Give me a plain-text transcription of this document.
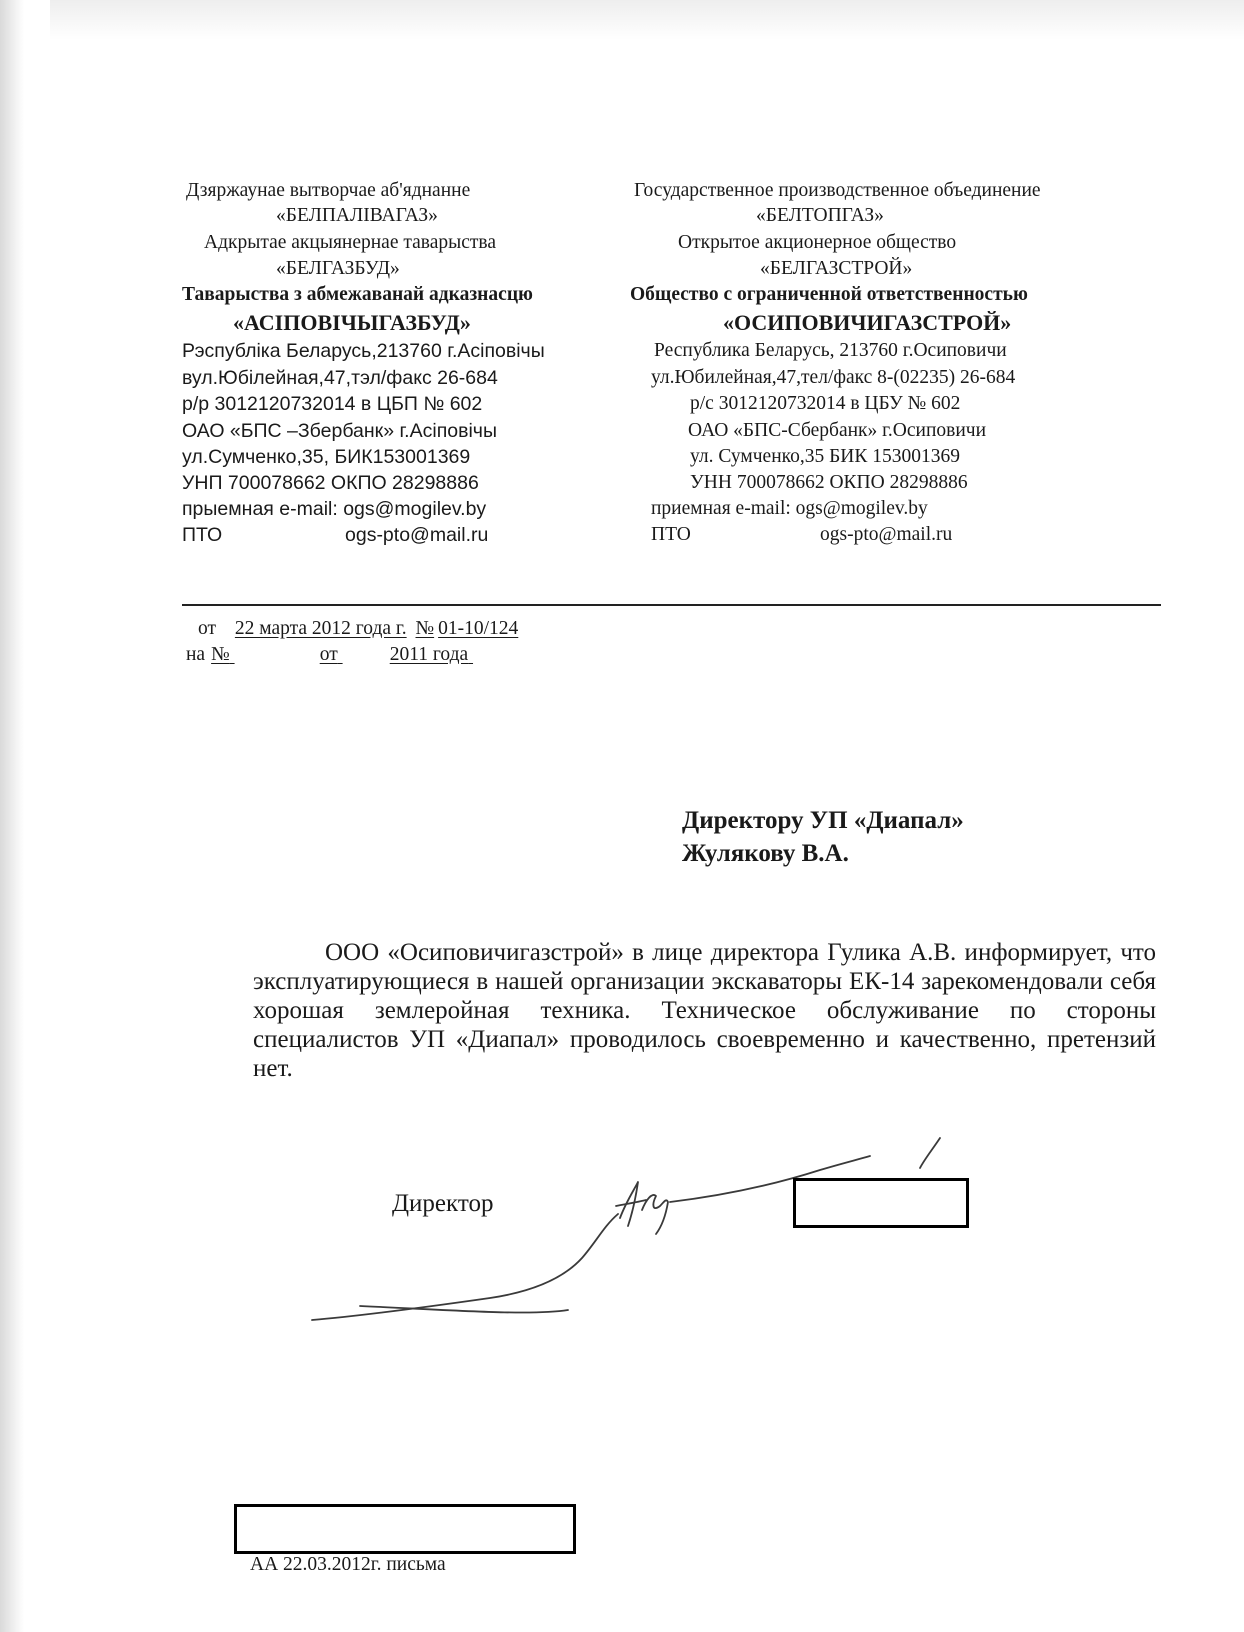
Дзяржаунае вытворчае аб'яднанне
«БЕЛПАЛІВАГАЗ»
Адкрытае акцыянернае таварыства
«БЕЛГАЗБУД»
Таварыства з абмежаванай адказнасцю
«АСІПОВІЧЫГАЗБУД»
Рэспубліка Беларусь,213760 г.Асіповічы
вул.Юбілейная,47,тэл/факс 26-684
р/р 3012120732014 в ЦБП № 602
ОАО «БПС –Збербанк» г.Асіповічы
ул.Сумченко,35, БИК153001369
УНП 700078662 ОКПО 28298886
прыемная e-mail: ogs@mogilev.by
ПТО	ogs-pto@mail.ru
Государственное производственное объединение
«БЕЛТОПГАЗ»
Открытое акционерное общество
«БЕЛГАЗСТРОЙ»
Общество с ограниченной ответственностью
«ОСИПОВИЧИГАЗСТРОЙ»
Республика Беларусь, 213760 г.Осиповичи
ул.Юбилейная,47,тел/факс 8-(02235) 26-684
р/с 3012120732014 в ЦБУ № 602
ОАО «БПС-Сбербанк» г.Осиповичи
ул. Сумченко,35 БИК 153001369
УНН 700078662 ОКПО 28298886
приемная e-mail: ogs@mogilev.by
ПТО	ogs-pto@mail.ru
от 22 марта 2012 года г. № 01-10/124
на №	от	2011 года
Директору УП «Диапал»
Жулякову В.А.
ООО «Осиповичигазстрой» в лице директора Гулика А.В. информирует, что эксплуатирующиеся в нашей организации экскаваторы ЕК-14 зарекомендовали себя хорошая землеройная техника. Техническое обслуживание по стороны специалистов УП «Диапал» проводилось своевременно и качественно, претензий нет.
Директор
АА 22.03.2012г. письма
